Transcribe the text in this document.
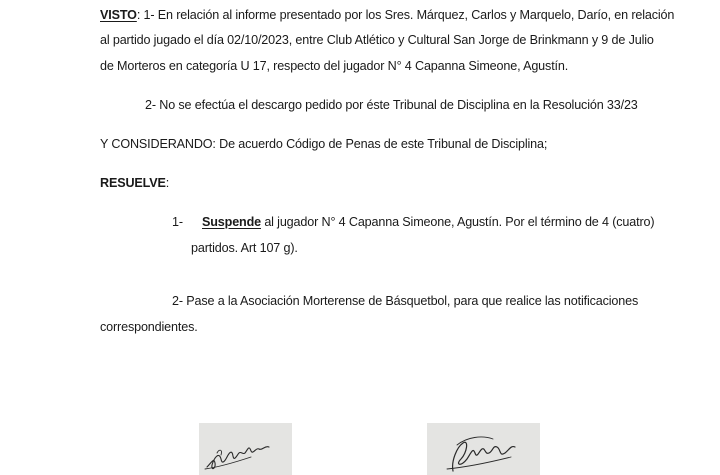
VISTO: 1- En relación al informe presentado por los Sres. Márquez, Carlos y Marquelo, Darío, en relación
al partido jugado el día 02/10/2023, entre Club Atlético y Cultural San Jorge de Brinkmann y 9 de Julio
de Morteros en categoría U 17, respecto del jugador N° 4 Capanna Simeone, Agustín.
2- No se efectúa el descargo pedido por éste Tribunal de Disciplina en la Resolución 33/23
Y CONSIDERANDO: De acuerdo Código de Penas de este Tribunal de Disciplina;
RESUELVE:
1- Suspende al jugador N° 4 Capanna Simeone, Agustín. Por el término de 4 (cuatro)
partidos. Art 107 g).
2- Pase a la Asociación Morterense de Básquetbol, para que realice las notificaciones
correspondientes.
